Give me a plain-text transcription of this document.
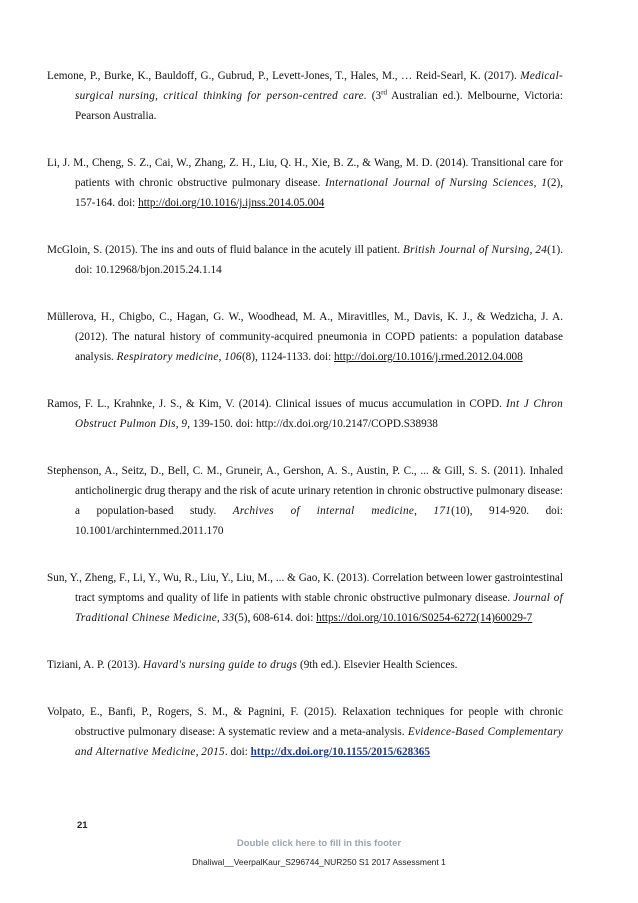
Lemone, P., Burke, K., Bauldoff, G., Gubrud, P., Levett-Jones, T., Hales, M., … Reid-Searl, K. (2017). Medical-surgical nursing, critical thinking for person-centred care. (3rd Australian ed.). Melbourne, Victoria: Pearson Australia.

Li, J. M., Cheng, S. Z., Cai, W., Zhang, Z. H., Liu, Q. H., Xie, B. Z., & Wang, M. D. (2014). Transitional care for patients with chronic obstructive pulmonary disease. International Journal of Nursing Sciences, 1(2), 157-164. doi: http://doi.org/10.1016/j.ijnss.2014.05.004

McGloin, S. (2015). The ins and outs of fluid balance in the acutely ill patient. British Journal of Nursing, 24(1). doi: 10.12968/bjon.2015.24.1.14

Müllerova, H., Chigbo, C., Hagan, G. W., Woodhead, M. A., Miravitlles, M., Davis, K. J., & Wedzicha, J. A. (2012). The natural history of community-acquired pneumonia in COPD patients: a population database analysis. Respiratory medicine, 106(8), 1124-1133. doi: http://doi.org/10.1016/j.rmed.2012.04.008

Ramos, F. L., Krahnke, J. S., & Kim, V. (2014). Clinical issues of mucus accumulation in COPD. Int J Chron Obstruct Pulmon Dis, 9, 139-150. doi: http://dx.doi.org/10.2147/COPD.S38938

Stephenson, A., Seitz, D., Bell, C. M., Gruneir, A., Gershon, A. S., Austin, P. C., ... & Gill, S. S. (2011). Inhaled anticholinergic drug therapy and the risk of acute urinary retention in chronic obstructive pulmonary disease: a population-based study. Archives of internal medicine, 171(10), 914-920. doi: 10.1001/archinternmed.2011.170

Sun, Y., Zheng, F., Li, Y., Wu, R., Liu, Y., Liu, M., ... & Gao, K. (2013). Correlation between lower gastrointestinal tract symptoms and quality of life in patients with stable chronic obstructive pulmonary disease. Journal of Traditional Chinese Medicine, 33(5), 608-614. doi: https://doi.org/10.1016/S0254-6272(14)60029-7

Tiziani, A. P. (2013). Havard's nursing guide to drugs (9th ed.). Elsevier Health Sciences.

Volpato, E., Banfi, P., Rogers, S. M., & Pagnini, F. (2015). Relaxation techniques for people with chronic obstructive pulmonary disease: A systematic review and a meta-analysis. Evidence-Based Complementary and Alternative Medicine, 2015. doi: http://dx.doi.org/10.1155/2015/628365

21
Double click here to fill in this footer
Dhaliwal__VeerpalKaur_S296744_NUR250 S1 2017 Assessment 1
